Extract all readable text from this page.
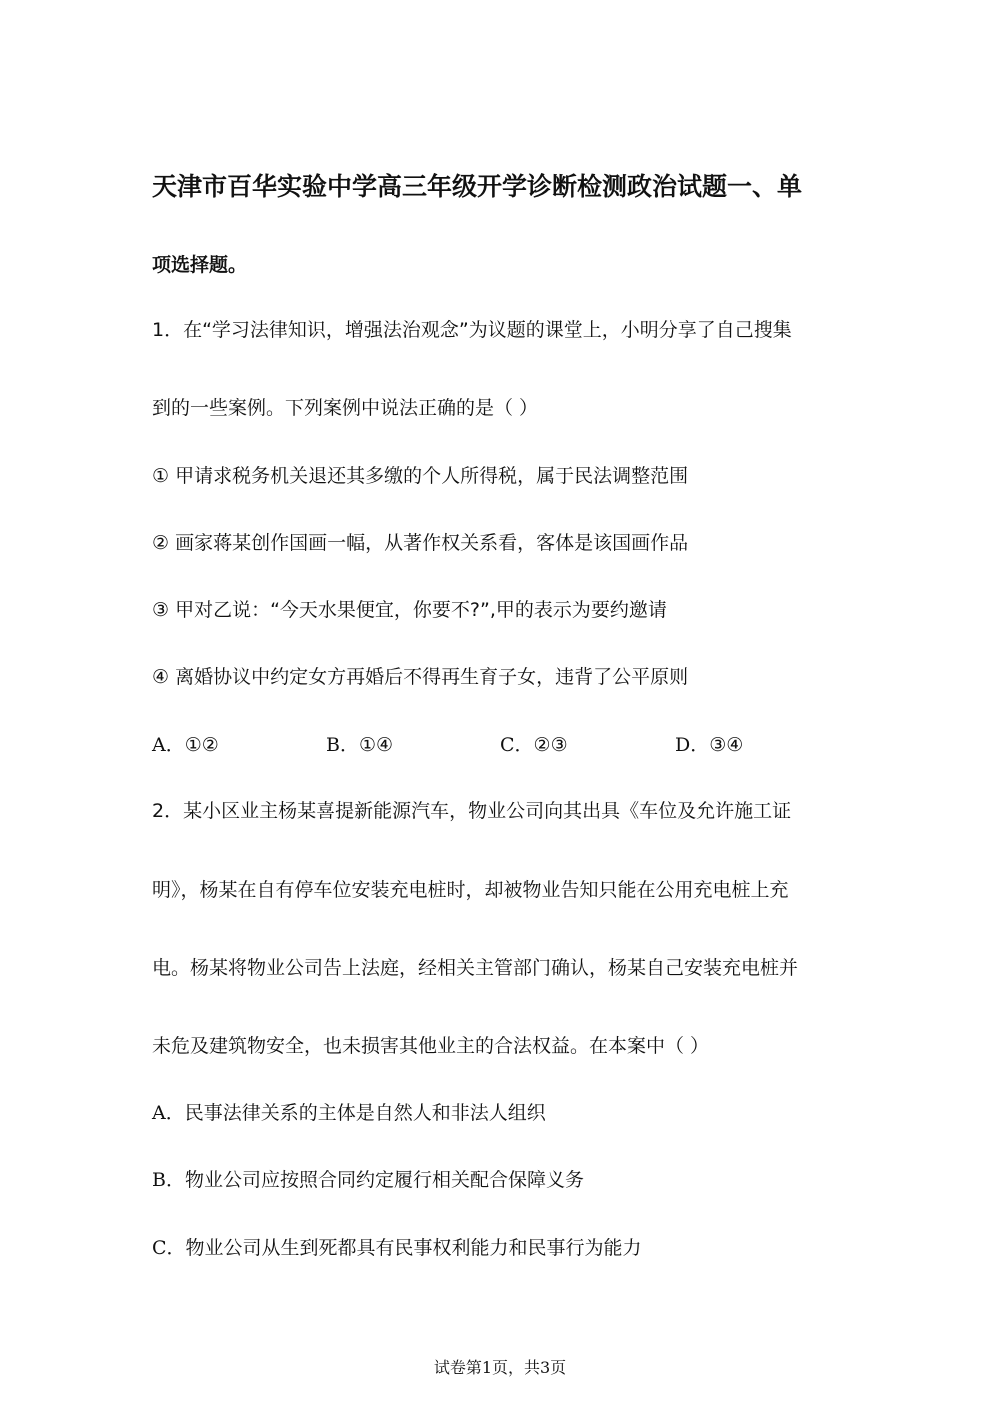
天津市百华实验中学高三年级开学诊断检测政治试题一、单
项选择题。
1．在“学习法律知识，增强法治观念”为议题的课堂上，小明分享了自己搜集
到的一些案例。下列案例中说法正确的是（ ）
① 甲请求税务机关退还其多缴的个人所得税，属于民法调整范围
② 画家蒋某创作国画一幅，从著作权关系看，客体是该国画作品
③ 甲对乙说：“今天水果便宜，你要不?”,甲的表示为要约邀请
④ 离婚协议中约定女方再婚后不得再生育子女，违背了公平原则
A．①②	B．①④	C．②③	D．③④
2．某小区业主杨某喜提新能源汽车，物业公司向其出具《车位及允许施工证
明》，杨某在自有停车位安装充电桩时，却被物业告知只能在公用充电桩上充
电。杨某将物业公司告上法庭，经相关主管部门确认，杨某自己安装充电桩并
未危及建筑物安全，也未损害其他业主的合法权益。在本案中（ ）
A．民事法律关系的主体是自然人和非法人组织
B．物业公司应按照合同约定履行相关配合保障义务
C．物业公司从生到死都具有民事权利能力和民事行为能力
试卷第1页，共3页
